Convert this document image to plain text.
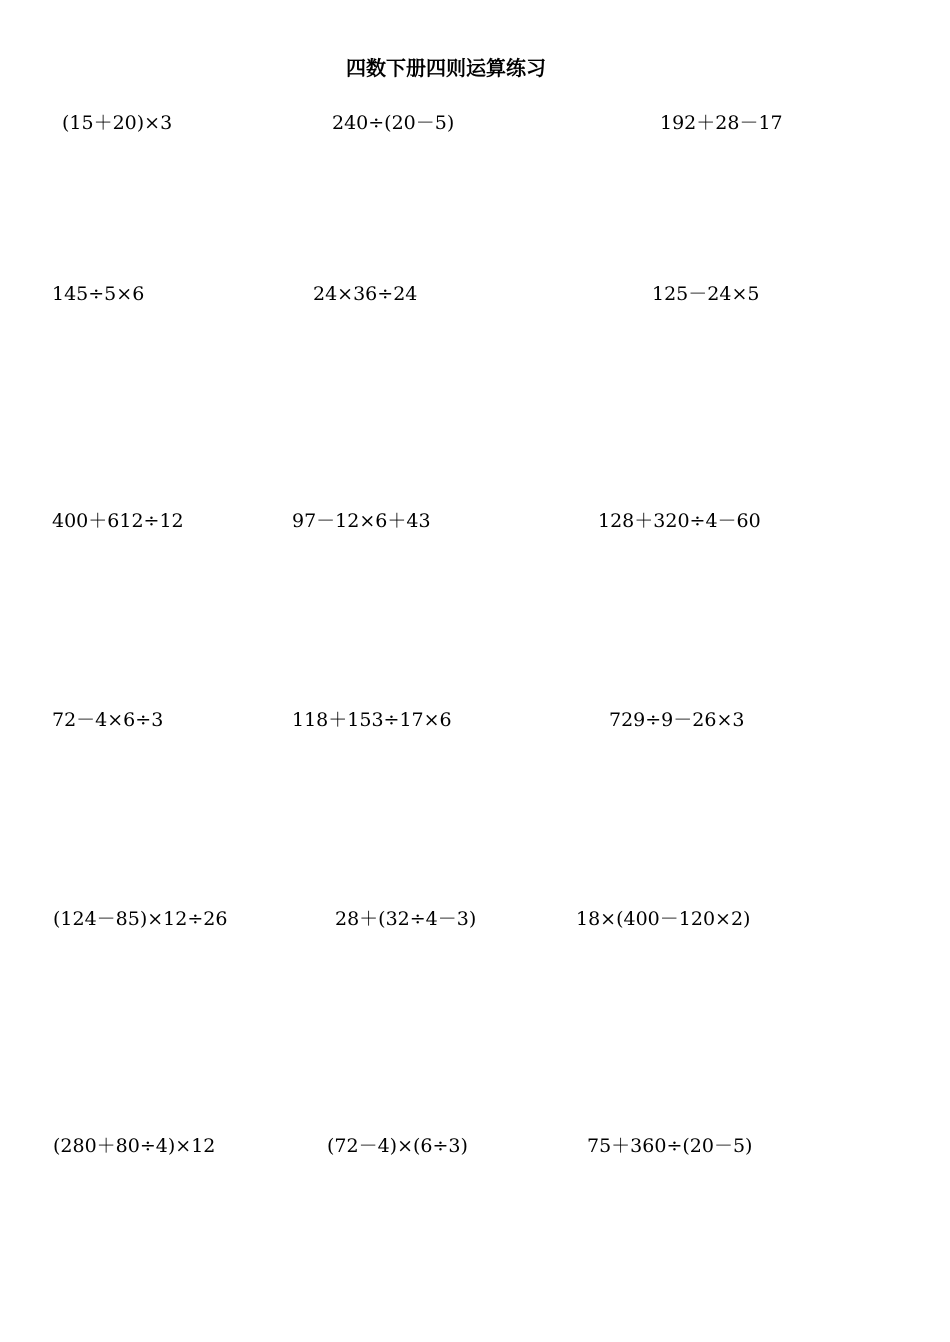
四数下册四则运算练习
(15＋20)×3	240÷(20－5)	192＋28－17
145÷5×6	24×36÷24	125－24×5
400＋612÷12	97－12×6＋43	128＋320÷4－60
72－4×6÷3	118＋153÷17×6	729÷9－26×3
(124－85)×12÷26	28＋(32÷4－3)	18×(400－120×2)
(280＋80÷4)×12	(72－4)×(6÷3)	75＋360÷(20－5)
